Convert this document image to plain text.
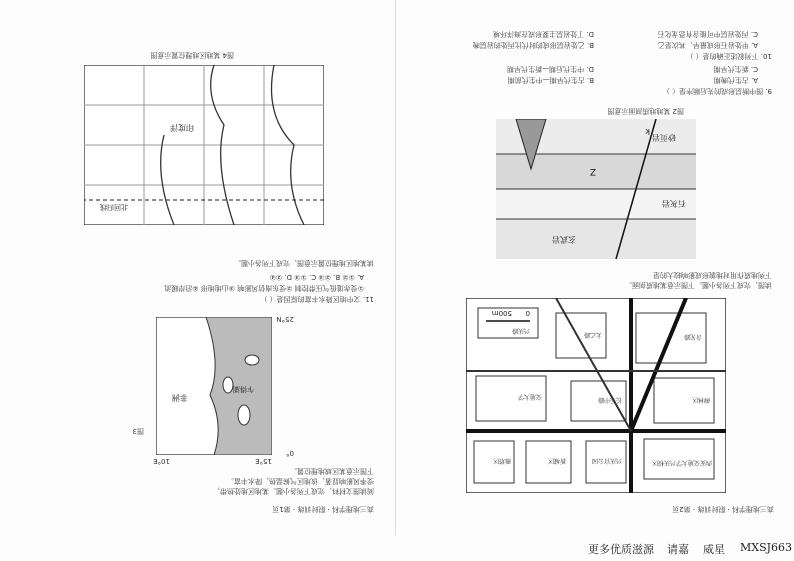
高三地理学科 · 限时训练 · 第2页
0
500m
西安交通大学兴庆校区
兴庆宫公园
新城区
雁塔区
碑林区
长乐中路
交通大学
含光路
太乙路
兴庆路
读图，完成下列各小题。下图示意某地质剖面。
下列地质作用对地貌形成影响较大的是
玄武岩
石灰岩
砂页岩
Z
k
图2 某地地质剖面示意图
9. 图中断层形成的先后顺序是（ ）
A. 古生代晚期
B. 古生代早期—中生代前期
C. 新生代早期
D. 中生代后期—新生代早期
10. 下列叙述正确的是（ ）
A. 甲处岩石形成最早，其次是乙
B. 乙处岩层形成的时代比丙处的岩层晚
C. 丙处岩层中可能含有恐龙化石
D. 丁处岩层主要形成在海洋环境
高三地理学科 · 限时训练 · 第1页
阅读图文材料，完成下列各小题。某地区地处热带，
受季风影响显著，该地区气候湿热，降水丰富。
下图示意某区域地理位置。
乍得湖
非洲
0°
25°N
15°E
10°E
图3
11. 文中地区降水丰富的原因是（ ）
①受赤道低气压带控制 ②受东南信风影响 ③山地地形 ④沿岸暖流
A. ①② B. ②③ C. ①③ D. ②④
读某地区地理位置示意图，完成下列各小题。
印度洋
北回归线
图4 某地区地理位置示意图
更多优质滋源 请嘉 威星 MXSJ663
